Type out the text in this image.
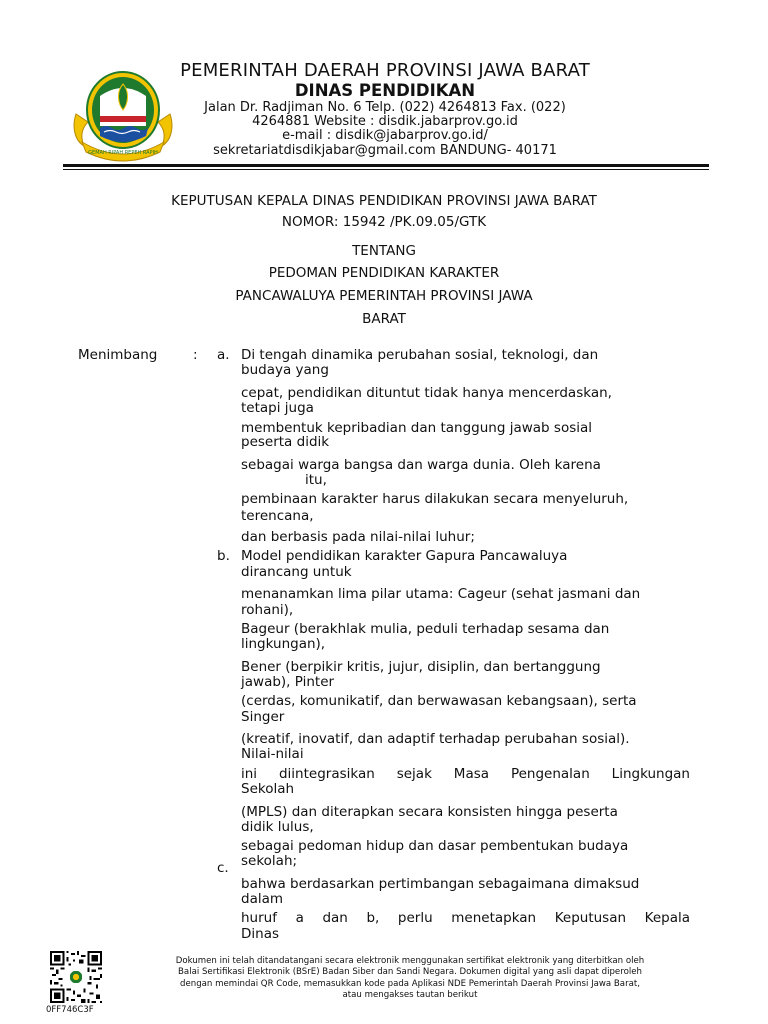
GEMAH RIPAH REPEH RAPIH
PEMERINTAH DAERAH PROVINSI JAWA BARAT
DINAS PENDIDIKAN
Jalan Dr. Radjiman No. 6 Telp. (022) 4264813 Fax. (022)
4264881 Website : disdik.jabarprov.go.id
e-mail : disdik@jabarprov.go.id/
sekretariatdisdikjabar@gmail.com BANDUNG- 40171
KEPUTUSAN KEPALA DINAS PENDIDIKAN PROVINSI JAWA BARAT
NOMOR: 15942 /PK.09.05/GTK
TENTANG
PEDOMAN PENDIDIKAN KARAKTER
PANCAWALUYA PEMERINTAH PROVINSI JAWA
BARAT
Menimbang	: a.
b.
c.
Di tengah dinamika perubahan sosial, teknologi, dan
budaya yang
cepat, pendidikan dituntut tidak hanya mencerdaskan,
tetapi juga
membentuk kepribadian dan tanggung jawab sosial
peserta didik
sebagai warga bangsa dan warga dunia. Oleh karena
itu,
pembinaan karakter harus dilakukan secara menyeluruh,
terencana,
dan berbasis pada nilai-nilai luhur;
Model pendidikan karakter Gapura Pancawaluya
dirancang untuk
menanamkan lima pilar utama: Cageur (sehat jasmani dan
rohani),
Bageur (berakhlak mulia, peduli terhadap sesama dan
lingkungan),
Bener (berpikir kritis, jujur, disiplin, dan bertanggung
jawab), Pinter
(cerdas, komunikatif, dan berwawasan kebangsaan), serta
Singer
(kreatif, inovatif, dan adaptif terhadap perubahan sosial).
Nilai-nilai
ini diintegrasikan sejak Masa Pengenalan Lingkungan
Sekolah
(MPLS) dan diterapkan secara konsisten hingga peserta
didik lulus,
sebagai pedoman hidup dan dasar pembentukan budaya
sekolah;
bahwa berdasarkan pertimbangan sebagaimana dimaksud
dalam
huruf a dan b, perlu menetapkan Keputusan Kepala
Dinas
0FF746C3F
Dokumen ini telah ditandatangani secara elektronik menggunakan sertifikat elektronik yang diterbitkan oleh
Balai Sertifikasi Elektronik (BSrE) Badan Siber dan Sandi Negara. Dokumen digital yang asli dapat diperoleh
dengan memindai QR Code, memasukkan kode pada Aplikasi NDE Pemerintah Daerah Provinsi Jawa Barat,
atau mengakses tautan berikut
